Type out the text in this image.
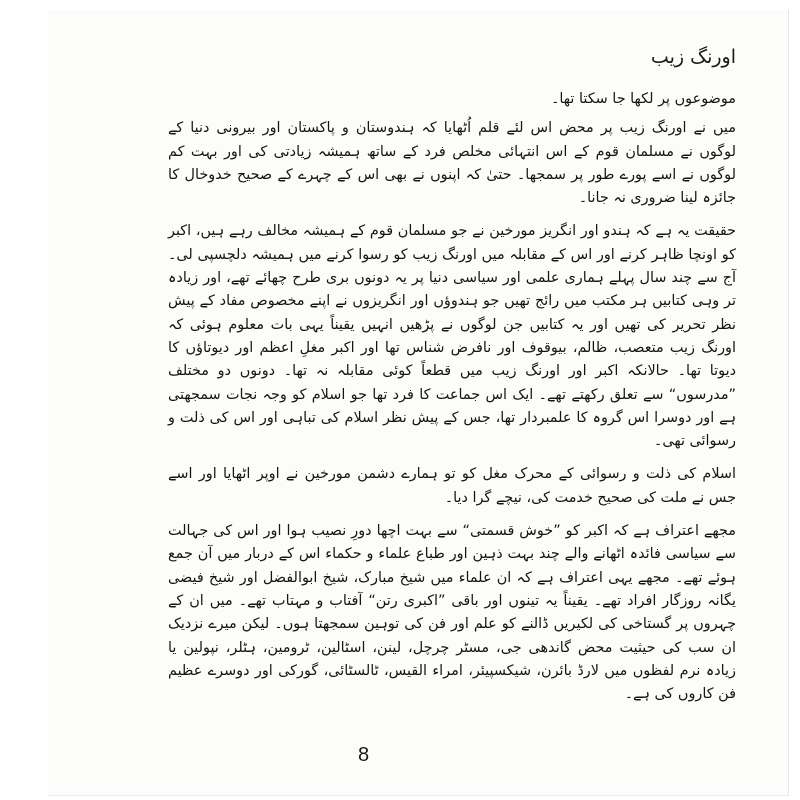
اورنگ زیب

موضوعوں پر لکھا جا سکتا تھا۔

میں نے اورنگ زیب پر محض اس لئے قلم اُٹھایا کہ ہندوستان و پاکستان اور بیرونی دنیا کے لوگوں نے مسلمان قوم کے اس انتہائی مخلص فرد کے ساتھ ہمیشہ زیادتی کی اور بہت کم لوگوں نے اسے پورے طور پر سمجھا۔ حتیٰ کہ اپنوں نے بھی اس کے چہرے کے صحیح خدوخال کا جائزہ لینا ضروری نہ جانا۔

حقیقت یہ ہے کہ ہندو اور انگریز مورخین نے جو مسلمان قوم کے ہمیشہ مخالف رہے ہیں، اکبر کو اونچا ظاہر کرنے اور اس کے مقابلہ میں اورنگ زیب کو رسوا کرنے میں ہمیشہ دلچسپی لی۔ آج سے چند سال پہلے ہماری علمی اور سیاسی دنیا پر یہ دونوں بری طرح چھائے تھے، اور زیادہ تر وہی کتابیں ہر مکتب میں رائج تھیں جو ہندوؤں اور انگریزوں نے اپنے مخصوص مفاد کے پیش نظر تحریر کی تھیں اور یہ کتابیں جن لوگوں نے پڑھیں انہیں یقیناً یہی بات معلوم ہوئی کہ اورنگ زیب متعصب، ظالم، بیوقوف اور نافرض شناس تھا اور اکبر مغلِ اعظم اور دیوتاؤں کا دیوتا تھا۔ حالانکہ اکبر اور اورنگ زیب میں قطعاً کوئی مقابلہ نہ تھا۔ دونوں دو مختلف ”مدرسوں“ سے تعلق رکھتے تھے۔ ایک اس جماعت کا فرد تھا جو اسلام کو وجہ نجات سمجھتی ہے اور دوسرا اس گروہ کا علمبردار تھا، جس کے پیش نظر اسلام کی تباہی اور اس کی ذلت و رسوائی تھی۔

اسلام کی ذلت و رسوائی کے محرک مغل کو تو ہمارے دشمن مورخین نے اوپر اٹھایا اور اسے جس نے ملت کی صحیح خدمت کی، نیچے گرا دیا۔

مجھے اعتراف ہے کہ اکبر کو ”خوش قسمتی“ سے بہت اچھا دورِ نصیب ہوا اور اس کی جہالت سے سیاسی فائدہ اٹھانے والے چند بہت ذہین اور طباع علماء و حکماء اس کے دربار میں آن جمع ہوئے تھے۔ مجھے یہی اعتراف ہے کہ ان علماء میں شیخ مبارک، شیخ ابوالفضل اور شیخ فیضی یگانہ روزگار افراد تھے۔ یقیناً یہ تینوں اور باقی ”اکبری رتن“ آفتاب و مہتاب تھے۔ میں ان کے چہروں پر گستاخی کی لکیریں ڈالنے کو علم اور فن کی توہین سمجھتا ہوں۔ لیکن میرے نزدیک ان سب کی حیثیت محض گاندھی جی، مسٹر چرچل، لینن، اسٹالین، ٹرومین، ہٹلر، نپولین یا زیادہ نرم لفظوں میں لارڈ بائرن، شیکسپیئر، امراء القیس، ٹالسٹائی، گورکی اور دوسرے عظیم فن کاروں کی ہے۔

8
